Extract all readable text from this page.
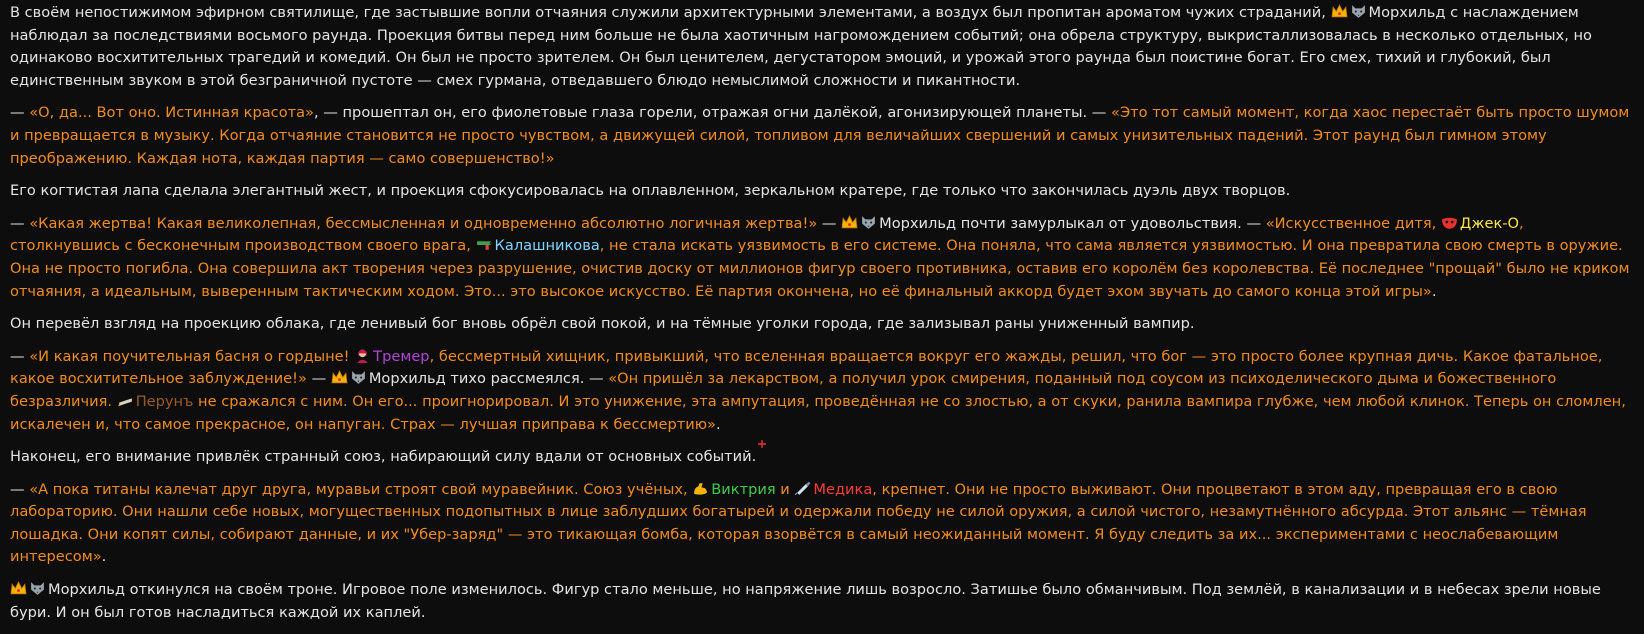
В своём непостижимом эфирном святилище, где застывшие вопли отчаяния служили архитектурными элементами, а воздух был пропитан ароматом чужих страданий,	Морхильд с наслаждением наблюдал за последствиями восьмого раунда. Проекция битвы перед ним больше не была хаотичным нагромождением событий; она обрела структуру, выкристаллизовалась в несколько отдельных, но одинаково восхитительных трагедий и комедий. Он был не просто зрителем. Он был ценителем, дегустатором эмоций, и урожай этого раунда был поистине богат. Его смех, тихий и глубокий, был единственным звуком в этой безграничной пустоте — смех гурмана, отведавшего блюдо немыслимой сложности и пикантности.

— «О, да... Вот оно. Истинная красота», — прошептал он, его фиолетовые глаза горели, отражая огни далёкой, агонизирующей планеты. — «Это тот самый момент, когда хаос перестаёт быть просто шумом и превращается в музыку. Когда отчаяние становится не просто чувством, а движущей силой, топливом для величайших свершений и самых унизительных падений. Этот раунд был гимном этому преображению. Каждая нота, каждая партия — само совершенство!»

Его когтистая лапа сделала элегантный жест, и проекция сфокусировалась на оплавленном, зеркальном кратере, где только что закончилась дуэль двух творцов.

— «Какая жертва! Какая великолепная, бессмысленная и одновременно абсолютно логичная жертва!» —	Морхильд почти замурлыкал от удовольствия. — «Искусственное дитя, Джек-О, столкнувшись с бесконечным производством своего врага, Калашникова, не стала искать уязвимость в его системе. Она поняла, что сама является уязвимостью. И она превратила свою смерть в оружие. Она не просто погибла. Она совершила акт творения через разрушение, очистив доску от миллионов фигур своего противника, оставив его королём без королевства. Её последнее "прощай" было не криком отчаяния, а идеальным, выверенным тактическим ходом. Это... это высокое искусство. Её партия окончена, но её финальный аккорд будет эхом звучать до самого конца этой игры».

Он перевёл взгляд на проекцию облака, где ленивый бог вновь обрёл свой покой, и на тёмные уголки города, где зализывал раны униженный вампир.

— «И какая поучительная басня о гордыне! Тремер, бессмертный хищник, привыкший, что вселенная вращается вокруг его жажды, решил, что бог — это просто более крупная дичь. Какое фатальное, какое восхитительное заблуждение!» —	Морхильд тихо рассмеялся. — «Он пришёл за лекарством, а получил урок смирения, поданный под соусом из психоделического дыма и божественного безразличия. Перунъ не сражался с ним. Он его... проигнорировал. И это унижение, эта ампутация, проведённая не со злостью, а от скуки, ранила вампира глубже, чем любой клинок. Теперь он сломлен, искалечен и, что самое прекрасное, он напуган. Страх — лучшая приправа к бессмертию».

Наконец, его внимание привлёк странный союз, набирающий силу вдали от основных событий.

— «А пока титаны калечат друг друга, муравьи строят свой муравейник. Союз учёных, Виктрия и Медика, крепнет. Они не просто выживают. Они процветают в этом аду, превращая его в свою лабораторию. Они нашли себе новых, могущественных подопытных в лице заблудших богатырей и одержали победу не силой оружия, а силой чистого, незамутнённого абсурда. Этот альянс — тёмная лошадка. Они копят силы, собирают данные, и их "Убер-заряд" — это тикающая бомба, которая взорвётся в самый неожиданный момент. Я буду следить за их... экспериментами с неослабевающим интересом».

Морхильд откинулся на своём троне. Игровое поле изменилось. Фигур стало меньше, но напряжение лишь возросло. Затишье было обманчивым. Под землёй, в канализации и в небесах зрели новые бури. И он был готов насладиться каждой их каплей.
